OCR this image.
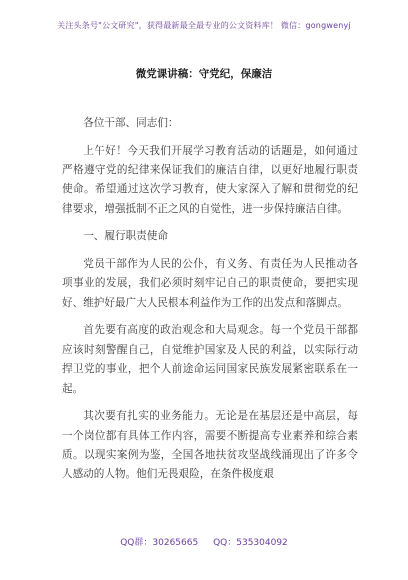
关注头条号"公文研究"，获得最新最全最专业的公文资料库！ 微信：gongwenyj
微党课讲稿：守党纪，保廉洁

各位干部、同志们：

上午好！今天我们开展学习教育活动的话题是，如何通过严格遵守党的纪律来保证我们的廉洁自律，以更好地履行职责使命。希望通过这次学习教育，使大家深入了解和贯彻党的纪律要求，增强抵制不正之风的自觉性，进一步保持廉洁自律。

一、履行职责使命

党员干部作为人民的公仆，有义务、有责任为人民推动各项事业的发展，我们必须时刻牢记自己的职责使命，要把实现好、维护好最广大人民根本利益作为工作的出发点和落脚点。

首先要有高度的政治观念和大局观念。每一个党员干部都应该时刻警醒自己，自觉维护国家及人民的利益，以实际行动捍卫党的事业，把个人前途命运同国家民族发展紧密联系在一起。

其次要有扎实的业务能力。无论是在基层还是中高层，每一个岗位都有具体工作内容，需要不断提高专业素养和综合素质。以现实案例为鉴，全国各地扶贫攻坚战线涌现出了许多令人感动的人物。他们无畏艰险，在条件极度艰

QQ群：30265665 QQ：535304092
